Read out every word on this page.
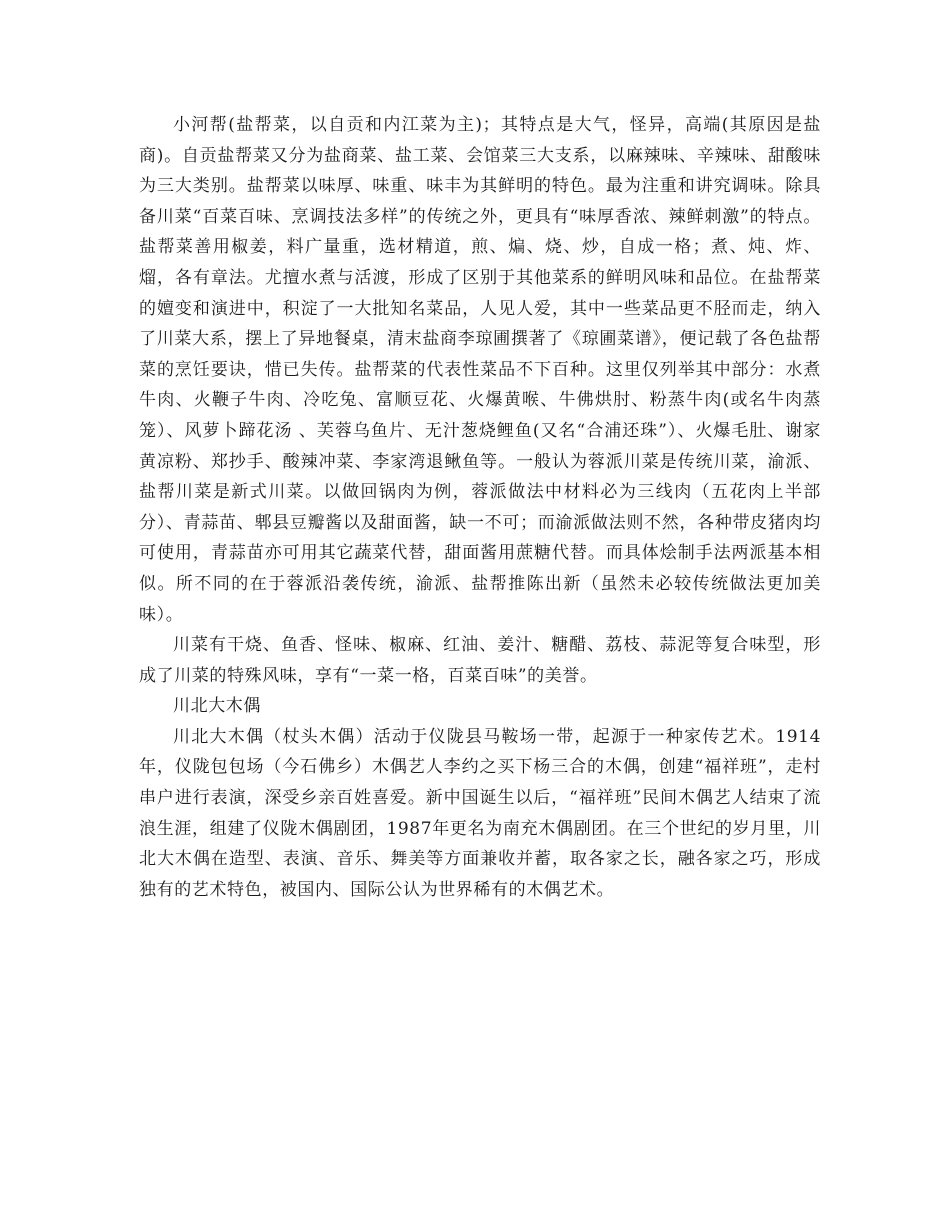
小河帮(盐帮菜，以自贡和内江菜为主)；其特点是大气，怪异，高端(其原因是盐商)。自贡盐帮菜又分为盐商菜、盐工菜、会馆菜三大支系，以麻辣味、辛辣味、甜酸味为三大类别。盐帮菜以味厚、味重、味丰为其鲜明的特色。最为注重和讲究调味。除具备川菜“百菜百味、烹调技法多样”的传统之外，更具有“味厚香浓、辣鲜刺激”的特点。盐帮菜善用椒姜，料广量重，选材精道，煎、煸、烧、炒，自成一格；煮、炖、炸、熘，各有章法。尤擅水煮与活渡，形成了区别于其他菜系的鲜明风味和品位。在盐帮菜的嬗变和演进中，积淀了一大批知名菜品，人见人爱，其中一些菜品更不胫而走，纳入了川菜大系，摆上了异地餐桌，清末盐商李琼圃撰著了《琼圃菜谱》，便记载了各色盐帮菜的烹饪要诀，惜已失传。盐帮菜的代表性菜品不下百种。这里仅列举其中部分：水煮牛肉、火鞭子牛肉、冷吃兔、富顺豆花、火爆黄喉、牛佛烘肘、粉蒸牛肉(或名牛肉蒸笼）、风萝卜蹄花汤 、芙蓉乌鱼片、无汁葱烧鲤鱼(又名“合浦还珠”）、火爆毛肚、谢家黄凉粉、郑抄手、酸辣冲菜、李家湾退鳅鱼等。一般认为蓉派川菜是传统川菜，渝派、盐帮川菜是新式川菜。以做回锅肉为例，蓉派做法中材料必为三线肉（五花肉上半部分）、青蒜苗、郫县豆瓣酱以及甜面酱，缺一不可；而渝派做法则不然，各种带皮猪肉均可使用，青蒜苗亦可用其它蔬菜代替，甜面酱用蔗糖代替。而具体烩制手法两派基本相似。所不同的在于蓉派沿袭传统，渝派、盐帮推陈出新（虽然未必较传统做法更加美味）。

川菜有干烧、鱼香、怪味、椒麻、红油、姜汁、糖醋、荔枝、蒜泥等复合味型，形成了川菜的特殊风味，享有“一菜一格，百菜百味”的美誉。

川北大木偶

川北大木偶（杖头木偶）活动于仪陇县马鞍场一带，起源于一种家传艺术。1914年，仪陇包包场（今石佛乡）木偶艺人李约之买下杨三合的木偶，创建“福祥班”，走村串户进行表演，深受乡亲百姓喜爱。新中国诞生以后，“福祥班”民间木偶艺人结束了流浪生涯，组建了仪陇木偶剧团，1987年更名为南充木偶剧团。在三个世纪的岁月里，川北大木偶在造型、表演、音乐、舞美等方面兼收并蓄，取各家之长，融各家之巧，形成独有的艺术特色，被国内、国际公认为世界稀有的木偶艺术。
